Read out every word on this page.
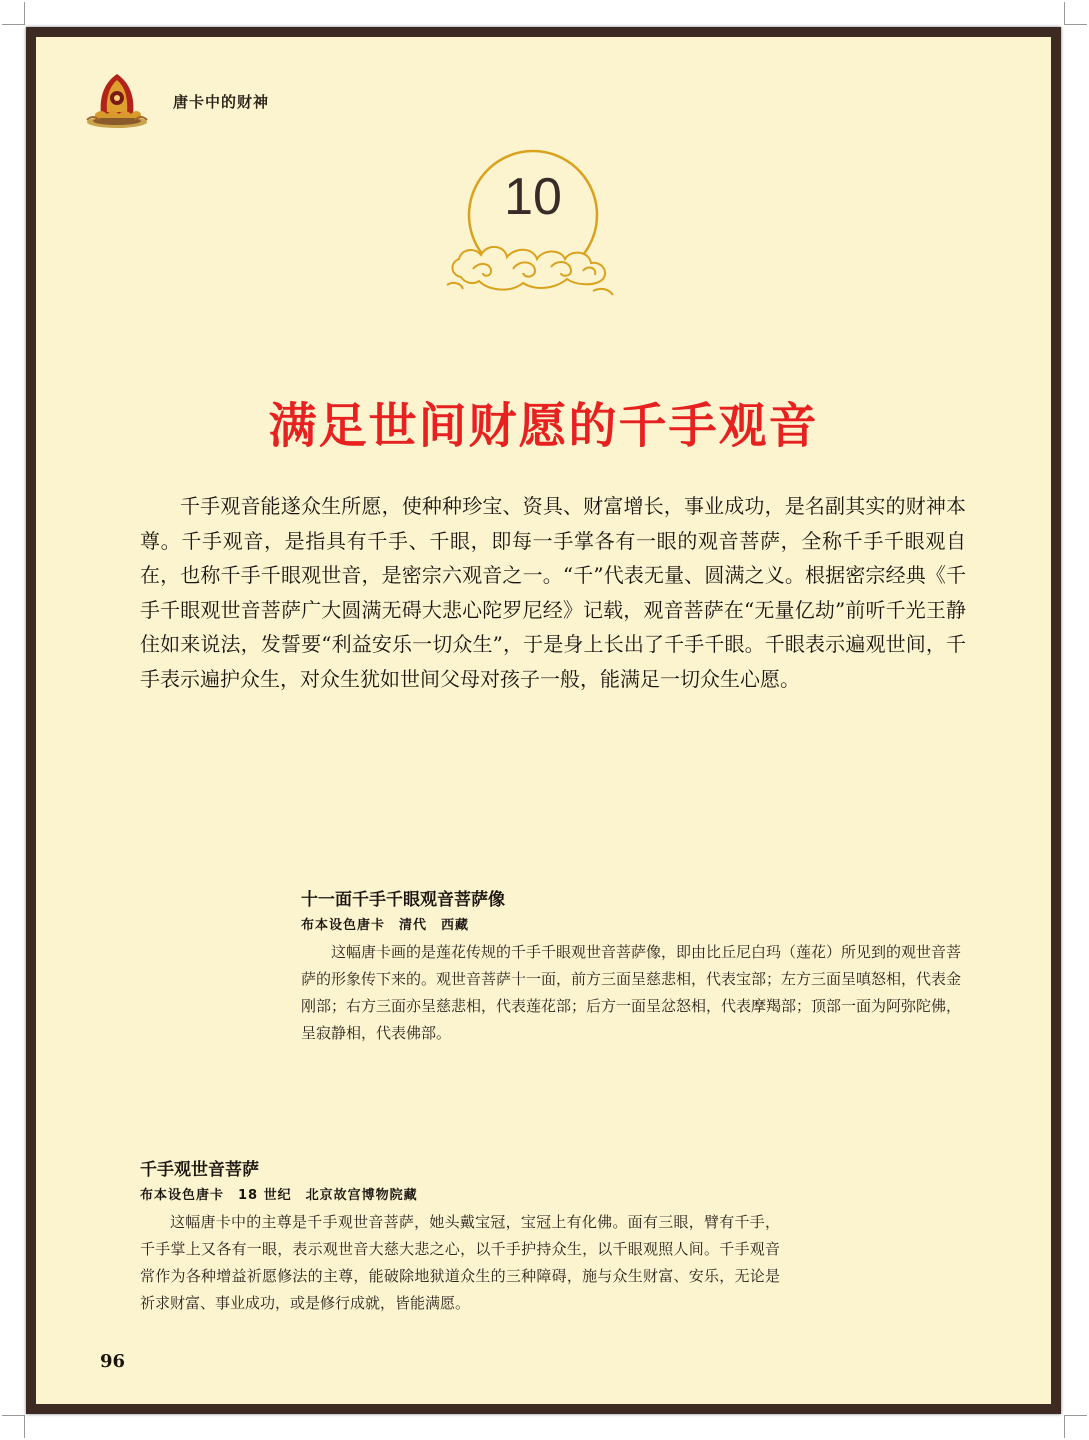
唐卡中的财神
10
满足世间财愿的千手观音

千手观音能遂众生所愿，使种种珍宝、资具、财富增长，事业成功，是名副其实的财神本尊。千手观音，是指具有千手、千眼，即每一手掌各有一眼的观音菩萨，全称千手千眼观自在，也称千手千眼观世音，是密宗六观音之一。“千”代表无量、圆满之义。根据密宗经典《千手千眼观世音菩萨广大圆满无碍大悲心陀罗尼经》记载，观音菩萨在“无量亿劫”前听千光王静住如来说法，发誓要“利益安乐一切众生”，于是身上长出了千手千眼。千眼表示遍观世间，千手表示遍护众生，对众生犹如世间父母对孩子一般，能满足一切众生心愿。

十一面千手千眼观音菩萨像

布本设色唐卡　清代　西藏

这幅唐卡画的是莲花传规的千手千眼观世音菩萨像，即由比丘尼白玛（莲花）所见到的观世音菩萨的形象传下来的。观世音菩萨十一面，前方三面呈慈悲相，代表宝部；左方三面呈嗔怒相，代表金刚部；右方三面亦呈慈悲相，代表莲花部；后方一面呈忿怒相，代表摩羯部；顶部一面为阿弥陀佛，呈寂静相，代表佛部。

千手观世音菩萨

布本设色唐卡　18 世纪　北京故宫博物院藏

这幅唐卡中的主尊是千手观世音菩萨，她头戴宝冠，宝冠上有化佛。面有三眼，臂有千手，千手掌上又各有一眼，表示观世音大慈大悲之心，以千手护持众生，以千眼观照人间。千手观音常作为各种增益祈愿修法的主尊，能破除地狱道众生的三种障碍，施与众生财富、安乐，无论是祈求财富、事业成功，或是修行成就，皆能满愿。

96
